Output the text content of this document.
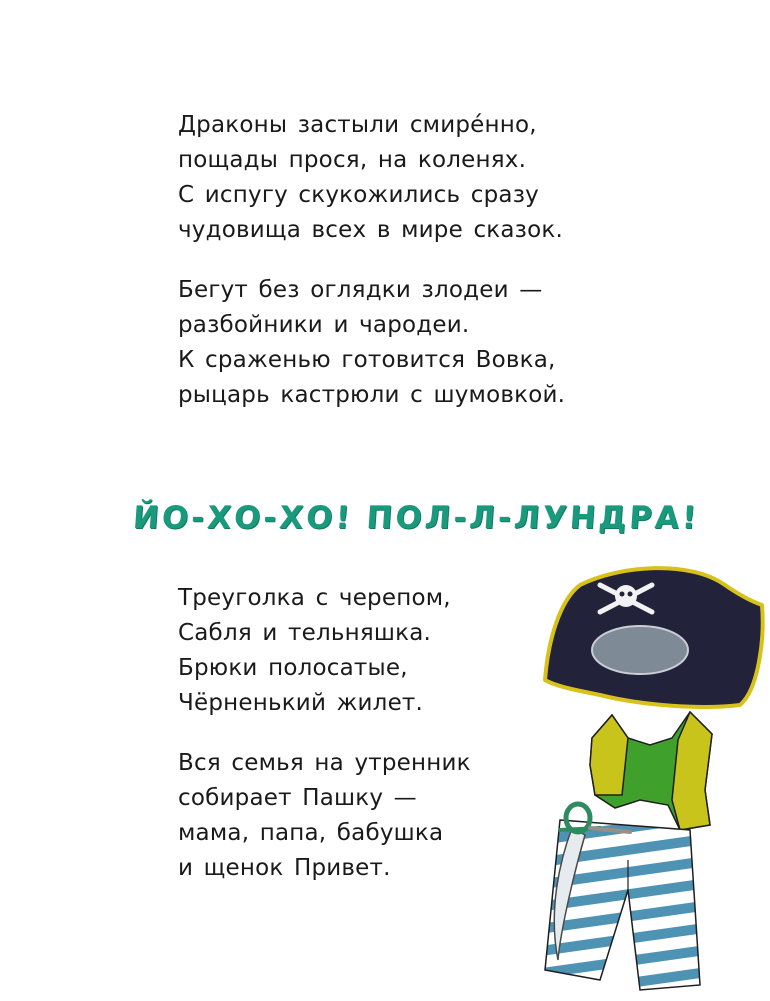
Драконы застыли смире́нно,
пощады прося, на коленях.
С испугу скукожились сразу
чудовища всех в мире сказок.
Бегут без оглядки злодеи —
разбойники и чародеи.
К сраженью готовится Вовка,
рыцарь кастрюли с шумовкой.
ЙО-ХО-ХО! ПОЛ-Л-ЛУНДРА!
Треуголка с черепом,
Сабля и тельняшка.
Брюки полосатые,
Чёрненький жилет.
Вся семья на утренник
собирает Пашку —
мама, папа, бабушка
и щенок Привет.
